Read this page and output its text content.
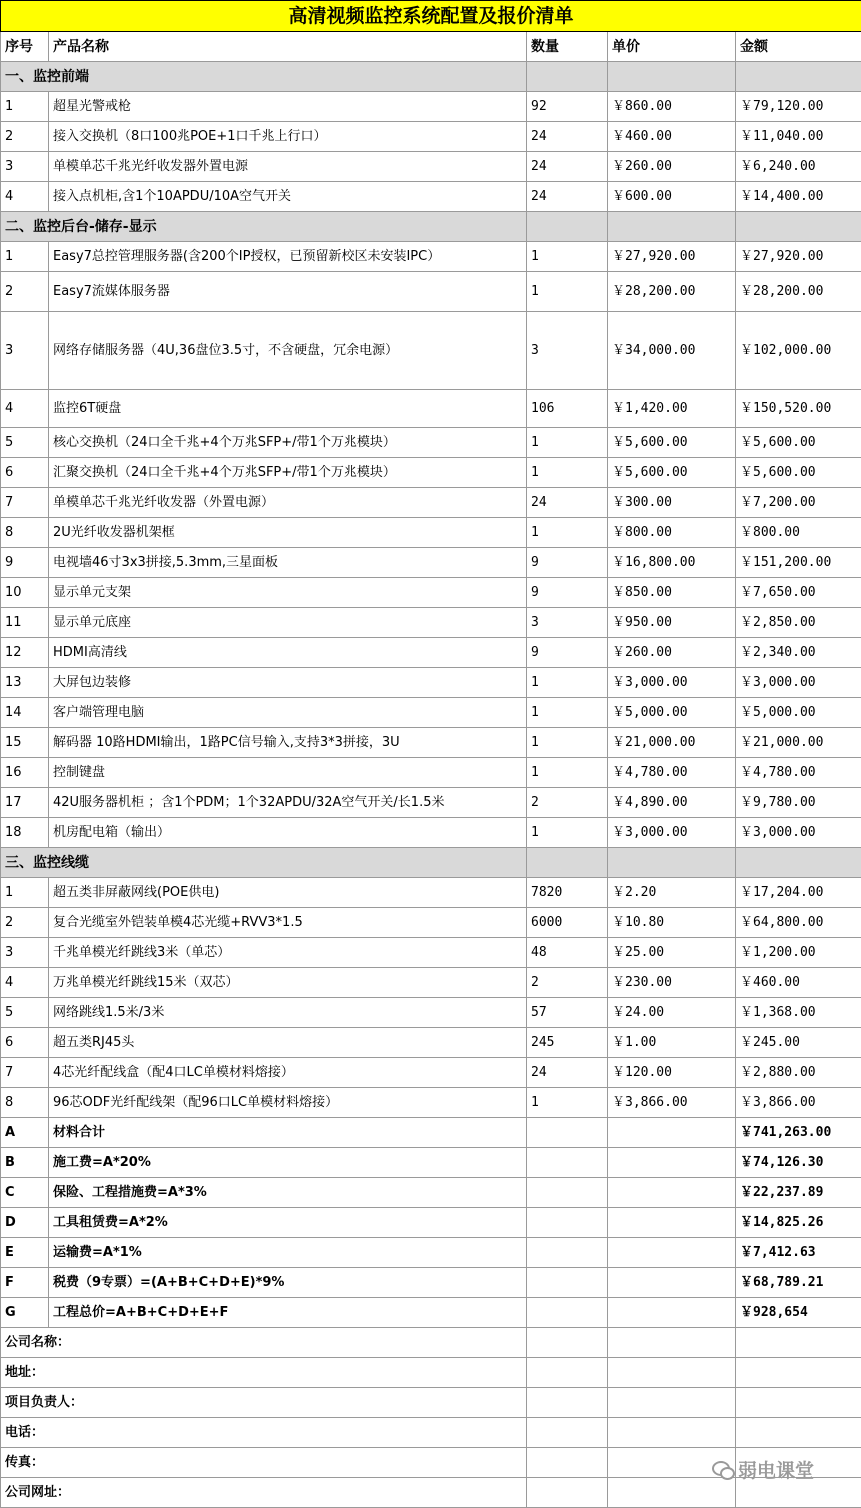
高清视频监控系统配置及报价清单				
序号	产品名称	数量	单价	金额
一、监控前端				
1	超星光警戒枪	92	￥860.00	￥79,120.00
2	接入交换机（8口100兆POE+1口千兆上行口）	24	￥460.00	￥11,040.00
3	单模单芯千兆光纤收发器外置电源	24	￥260.00	￥6,240.00
4	接入点机柜,含1个10APDU/10A空气开关	24	￥600.00	￥14,400.00
二、监控后台-储存-显示				
1	Easy7总控管理服务器(含200个IP授权，已预留新校区未安装IPC）	1	￥27,920.00	￥27,920.00
2	Easy7流媒体服务器	1	￥28,200.00	￥28,200.00
3	网络存储服务器（4U,36盘位3.5寸，不含硬盘，冗余电源）	3	￥34,000.00	￥102,000.00
4	监控6T硬盘	106	￥1,420.00	￥150,520.00
5	核心交换机（24口全千兆+4个万兆SFP+/带1个万兆模块）	1	￥5,600.00	￥5,600.00
6	汇聚交换机（24口全千兆+4个万兆SFP+/带1个万兆模块）	1	￥5,600.00	￥5,600.00
7	单模单芯千兆光纤收发器（外置电源）	24	￥300.00	￥7,200.00
8	2U光纤收发器机架框	1	￥800.00	￥800.00
9	电视墙46寸3x3拼接,5.3mm,三星面板	9	￥16,800.00	￥151,200.00
10	显示单元支架	9	￥850.00	￥7,650.00
11	显示单元底座	3	￥950.00	￥2,850.00
12	HDMI高清线	9	￥260.00	￥2,340.00
13	大屏包边装修	1	￥3,000.00	￥3,000.00
14	客户端管理电脑	1	￥5,000.00	￥5,000.00
15	解码器 10路HDMI输出，1路PC信号输入,支持3*3拼接，3U	1	￥21,000.00	￥21,000.00
16	控制键盘	1	￥4,780.00	￥4,780.00
17	42U服务器机柜 ；含1个PDM；1个32APDU/32A空气开关/长1.5米	2	￥4,890.00	￥9,780.00
18	机房配电箱（输出）	1	￥3,000.00	￥3,000.00
三、监控线缆				
1	超五类非屏蔽网线(POE供电)	7820	￥2.20	￥17,204.00
2	复合光缆室外铠装单模4芯光缆+RVV3*1.5	6000	￥10.80	￥64,800.00
3	千兆单模光纤跳线3米（单芯）	48	￥25.00	￥1,200.00
4	万兆单模光纤跳线15米（双芯）	2	￥230.00	￥460.00
5	网络跳线1.5米/3米	57	￥24.00	￥1,368.00
6	超五类RJ45头	245	￥1.00	￥245.00
7	4芯光纤配线盒（配4口LC单模材料熔接）	24	￥120.00	￥2,880.00
8	96芯ODF光纤配线架（配96口LC单模材料熔接）	1	￥3,866.00	￥3,866.00
A	材料合计			￥741,263.00
B	施工费=A*20%			￥74,126.30
C	保险、工程措施费=A*3%			￥22,237.89
D	工具租赁费=A*2%			￥14,825.26
E	运输费=A*1%			￥7,412.63
F	税费（9专票）=(A+B+C+D+E)*9%			￥68,789.21
G	工程总价=A+B+C+D+E+F			￥928,654
公司名称：				
地址：				
项目负责人：				
电话：				
传真：				
公司网址：				
弱电课堂
